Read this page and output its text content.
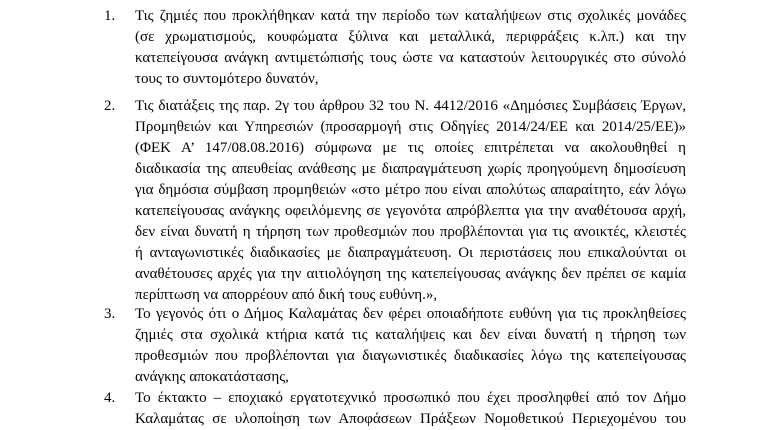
1. Τις ζημιές που προκλήθηκαν κατά την περίοδο των καταλήψεων στις σχολικές μονάδες
(σε χρωματισμούς, κουφώματα ξύλινα και μεταλλικά, περιφράξεις κ.λπ.) και την
κατεπείγουσα ανάγκη αντιμετώπισής τους ώστε να καταστούν λειτουργικές στο σύνολό
τους το συντομότερο δυνατόν,
2. Τις διατάξεις της παρ. 2γ του άρθρου 32 του Ν. 4412/2016 «Δημόσιες Συμβάσεις Έργων,
Προμηθειών και Υπηρεσιών (προσαρμογή στις Οδηγίες 2014/24/ΕΕ και 2014/25/ΕΕ)»
(ΦΕΚ Α’ 147/08.08.2016) σύμφωνα με τις οποίες επιτρέπεται να ακολουθηθεί η
διαδικασία της απευθείας ανάθεσης με διαπραγμάτευση χωρίς προηγούμενη δημοσίευση
για δημόσια σύμβαση προμηθειών «στο μέτρο που είναι απολύτως απαραίτητο, εάν λόγω
κατεπείγουσας ανάγκης οφειλόμενης σε γεγονότα απρόβλεπτα για την αναθέτουσα αρχή,
δεν είναι δυνατή η τήρηση των προθεσμιών που προβλέπονται για τις ανοικτές, κλειστές
ή ανταγωνιστικές διαδικασίες με διαπραγμάτευση. Οι περιστάσεις που επικαλούνται οι
αναθέτουσες αρχές για την αιτιολόγηση της κατεπείγουσας ανάγκης δεν πρέπει σε καμία
περίπτωση να απορρέουν από δική τους ευθύνη.»,
3. Το γεγονός ότι ο Δήμος Καλαμάτας δεν φέρει οποιαδήποτε ευθύνη για τις προκληθείσες
ζημιές στα σχολικά κτήρια κατά τις καταλήψεις και δεν είναι δυνατή η τήρηση των
προθεσμιών που προβλέπονται για διαγωνιστικές διαδικασίες λόγω της κατεπείγουσας
ανάγκης αποκατάστασης,
4. Το έκτακτο – εποχιακό εργατοτεχνικό προσωπικό που έχει προσληφθεί από τον Δήμο
Καλαμάτας σε υλοποίηση των Αποφάσεων Πράξεων Νομοθετικού Περιεχομένου του
